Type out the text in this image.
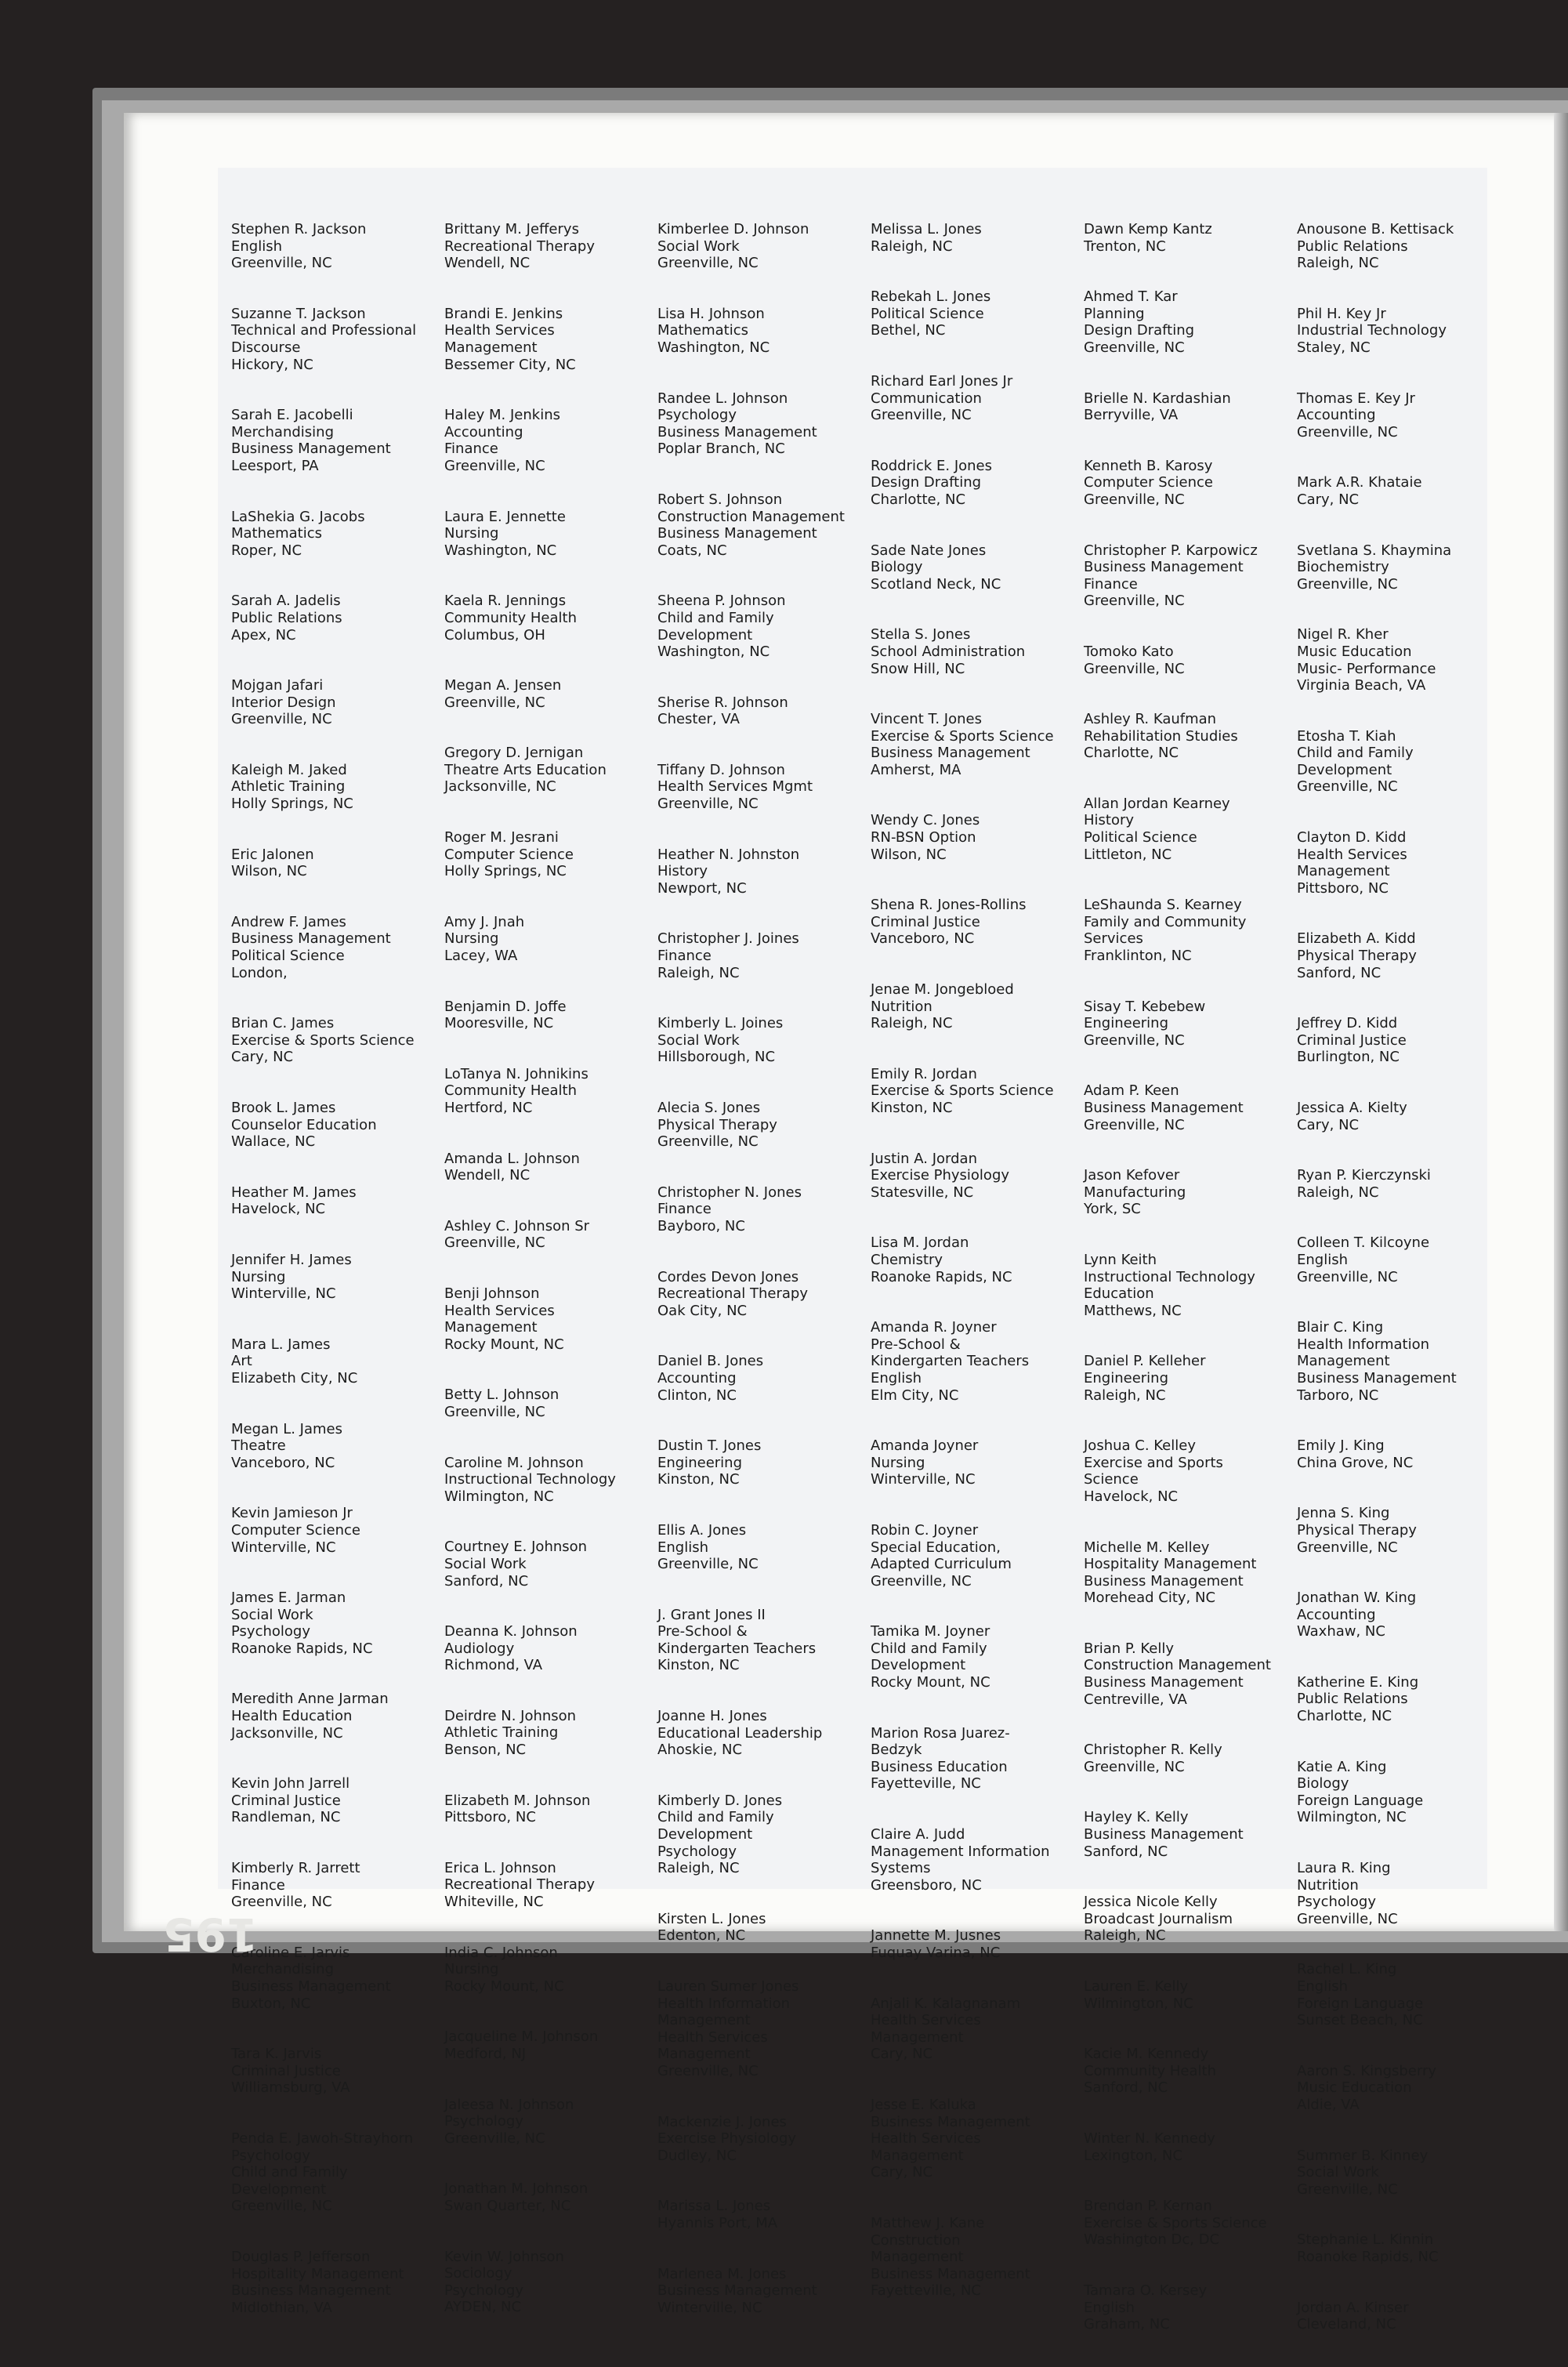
Stephen R. Jackson
English
Greenville, NC
Suzanne T. Jackson
Technical and Professional
Discourse
Hickory, NC
Sarah E. Jacobelli
Merchandising
Business Management
Leesport, PA
LaShekia G. Jacobs
Mathematics
Roper, NC
Sarah A. Jadelis
Public Relations
Apex, NC
Mojgan Jafari
Interior Design
Greenville, NC
Kaleigh M. Jaked
Athletic Training
Holly Springs, NC
Eric Jalonen
Wilson, NC
Andrew F. James
Business Management
Political Science
London,
Brian C. James
Exercise & Sports Science
Cary, NC
Brook L. James
Counselor Education
Wallace, NC
Heather M. James
Havelock, NC
Jennifer H. James
Nursing
Winterville, NC
Mara L. James
Art
Elizabeth City, NC
Megan L. James
Theatre
Vanceboro, NC
Kevin Jamieson Jr
Computer Science
Winterville, NC
James E. Jarman
Social Work
Psychology
Roanoke Rapids, NC
Meredith Anne Jarman
Health Education
Jacksonville, NC
Kevin John Jarrell
Criminal Justice
Randleman, NC
Kimberly R. Jarrett
Finance
Greenville, NC
Caroline E. Jarvis
Merchandising
Business Management
Buxton, NC
Tara K. Jarvis
Criminal Justice
Williamsburg, VA
Penda E. Jawoh-Strayhorn
Psychology
Child and Family
Development
Greenville, NC
Douglas P. Jefferson
Hospitality Management
Business Management
Midlothian, VA
Brittany M. Jefferys
Recreational Therapy
Wendell, NC
Brandi E. Jenkins
Health Services
Management
Bessemer City, NC
Haley M. Jenkins
Accounting
Finance
Greenville, NC
Laura E. Jennette
Nursing
Washington, NC
Kaela R. Jennings
Community Health
Columbus, OH
Megan A. Jensen
Greenville, NC
Gregory D. Jernigan
Theatre Arts Education
Jacksonville, NC
Roger M. Jesrani
Computer Science
Holly Springs, NC
Amy J. Jnah
Nursing
Lacey, WA
Benjamin D. Joffe
Mooresville, NC
LoTanya N. Johnikins
Community Health
Hertford, NC
Amanda L. Johnson
Wendell, NC
Ashley C. Johnson Sr
Greenville, NC
Benji Johnson
Health Services
Management
Rocky Mount, NC
Betty L. Johnson
Greenville, NC
Caroline M. Johnson
Instructional Technology
Wilmington, NC
Courtney E. Johnson
Social Work
Sanford, NC
Deanna K. Johnson
Audiology
Richmond, VA
Deirdre N. Johnson
Athletic Training
Benson, NC
Elizabeth M. Johnson
Pittsboro, NC
Erica L. Johnson
Recreational Therapy
Whiteville, NC
India C. Johnson
Nursing
Rocky Mount, NC
Jacqueline M. Johnson
Medford, NJ
Jaleesa N. Johnson
Psychology
Greenville, NC
Jonathan M. Johnson
Swan Quarter, NC
Kevin W. Johnson
Sociology
Psychology
AYDEN, NC
Kimberlee D. Johnson
Social Work
Greenville, NC
Lisa H. Johnson
Mathematics
Washington, NC
Randee L. Johnson
Psychology
Business Management
Poplar Branch, NC
Robert S. Johnson
Construction Management
Business Management
Coats, NC
Sheena P. Johnson
Child and Family
Development
Washington, NC
Sherise R. Johnson
Chester, VA
Tiffany D. Johnson
Health Services Mgmt
Greenville, NC
Heather N. Johnston
History
Newport, NC
Christopher J. Joines
Finance
Raleigh, NC
Kimberly L. Joines
Social Work
Hillsborough, NC
Alecia S. Jones
Physical Therapy
Greenville, NC
Christopher N. Jones
Finance
Bayboro, NC
Cordes Devon Jones
Recreational Therapy
Oak City, NC
Daniel B. Jones
Accounting
Clinton, NC
Dustin T. Jones
Engineering
Kinston, NC
Ellis A. Jones
English
Greenville, NC
J. Grant Jones II
Pre-School &
Kindergarten Teachers
Kinston, NC
Joanne H. Jones
Educational Leadership
Ahoskie, NC
Kimberly D. Jones
Child and Family
Development
Psychology
Raleigh, NC
Kirsten L. Jones
Edenton, NC
Lauren Sumer Jones
Health Information
Management
Health Services
Management
Greenville, NC
Mackenzie J. Jones
Exercise Physiology
Dudley, NC
Marissa L. Jones
Hyannis Port, MA
Marlenea M. Jones
Business Management
Winterville, NC
Melissa L. Jones
Raleigh, NC
Rebekah L. Jones
Political Science
Bethel, NC
Richard Earl Jones Jr
Communication
Greenville, NC
Roddrick E. Jones
Design Drafting
Charlotte, NC
Sade Nate Jones
Biology
Scotland Neck, NC
Stella S. Jones
School Administration
Snow Hill, NC
Vincent T. Jones
Exercise & Sports Science
Business Management
Amherst, MA
Wendy C. Jones
RN-BSN Option
Wilson, NC
Shena R. Jones-Rollins
Criminal Justice
Vanceboro, NC
Jenae M. Jongebloed
Nutrition
Raleigh, NC
Emily R. Jordan
Exercise & Sports Science
Kinston, NC
Justin A. Jordan
Exercise Physiology
Statesville, NC
Lisa M. Jordan
Chemistry
Roanoke Rapids, NC
Amanda R. Joyner
Pre-School &
Kindergarten Teachers
English
Elm City, NC
Amanda Joyner
Nursing
Winterville, NC
Robin C. Joyner
Special Education,
Adapted Curriculum
Greenville, NC
Tamika M. Joyner
Child and Family
Development
Rocky Mount, NC
Marion Rosa Juarez-
Bedzyk
Business Education
Fayetteville, NC
Claire A. Judd
Management Information
Systems
Greensboro, NC
Jannette M. Jusnes
Fuquay Varina, NC
Anjali K. Kalagnanam
Health Services
Management
Cary, NC
Jesse E. Kaluka
Business Management
Health Services
Management
Cary, NC
Matthew J. Kane
Construction
Management
Business Management
Fayetteville, NC
Dawn Kemp Kantz
Trenton, NC
Ahmed T. Kar
Planning
Design Drafting
Greenville, NC
Brielle N. Kardashian
Berryville, VA
Kenneth B. Karosy
Computer Science
Greenville, NC
Christopher P. Karpowicz
Business Management
Finance
Greenville, NC
Tomoko Kato
Greenville, NC
Ashley R. Kaufman
Rehabilitation Studies
Charlotte, NC
Allan Jordan Kearney
History
Political Science
Littleton, NC
LeShaunda S. Kearney
Family and Community
Services
Franklinton, NC
Sisay T. Kebebew
Engineering
Greenville, NC
Adam P. Keen
Business Management
Greenville, NC
Jason Kefover
Manufacturing
York, SC
Lynn Keith
Instructional Technology
Education
Matthews, NC
Daniel P. Kelleher
Engineering
Raleigh, NC
Joshua C. Kelley
Exercise and Sports
Science
Havelock, NC
Michelle M. Kelley
Hospitality Management
Business Management
Morehead City, NC
Brian P. Kelly
Construction Management
Business Management
Centreville, VA
Christopher R. Kelly
Greenville, NC
Hayley K. Kelly
Business Management
Sanford, NC
Jessica Nicole Kelly
Broadcast Journalism
Raleigh, NC
Lauren E. Kelly
Wilmington, NC
Kacie M. Kennedy
Community Health
Sanford, NC
Winter N. Kennedy
Lexington, NC
Brendan P. Kernan
Exercise & Sports Science
Washington Dc, DC
Tamara O. Kersey
English
Graham, NC
Anousone B. Kettisack
Public Relations
Raleigh, NC
Phil H. Key Jr
Industrial Technology
Staley, NC
Thomas E. Key Jr
Accounting
Greenville, NC
Mark A.R. Khataie
Cary, NC
Svetlana S. Khaymina
Biochemistry
Greenville, NC
Nigel R. Kher
Music Education
Music- Performance
Virginia Beach, VA
Etosha T. Kiah
Child and Family
Development
Greenville, NC
Clayton D. Kidd
Health Services
Management
Pittsboro, NC
Elizabeth A. Kidd
Physical Therapy
Sanford, NC
Jeffrey D. Kidd
Criminal Justice
Burlington, NC
Jessica A. Kielty
Cary, NC
Ryan P. Kierczynski
Raleigh, NC
Colleen T. Kilcoyne
English
Greenville, NC
Blair C. King
Health Information
Management
Business Management
Tarboro, NC
Emily J. King
China Grove, NC
Jenna S. King
Physical Therapy
Greenville, NC
Jonathan W. King
Accounting
Waxhaw, NC
Katherine E. King
Public Relations
Charlotte, NC
Katie A. King
Biology
Foreign Language
Wilmington, NC
Laura R. King
Nutrition
Psychology
Greenville, NC
Rachel L. King
English
Foreign Language
Sunset Beach, NC
Aaron S. Kingsberry
Music Education
Aldie, VA
Summer B. Kinney
Social Work
Greenville, NC
Stephanie L. Kinnin
Roanoke Rapids, NC
Jordan A. Kinser
Cleveland, NC
195
